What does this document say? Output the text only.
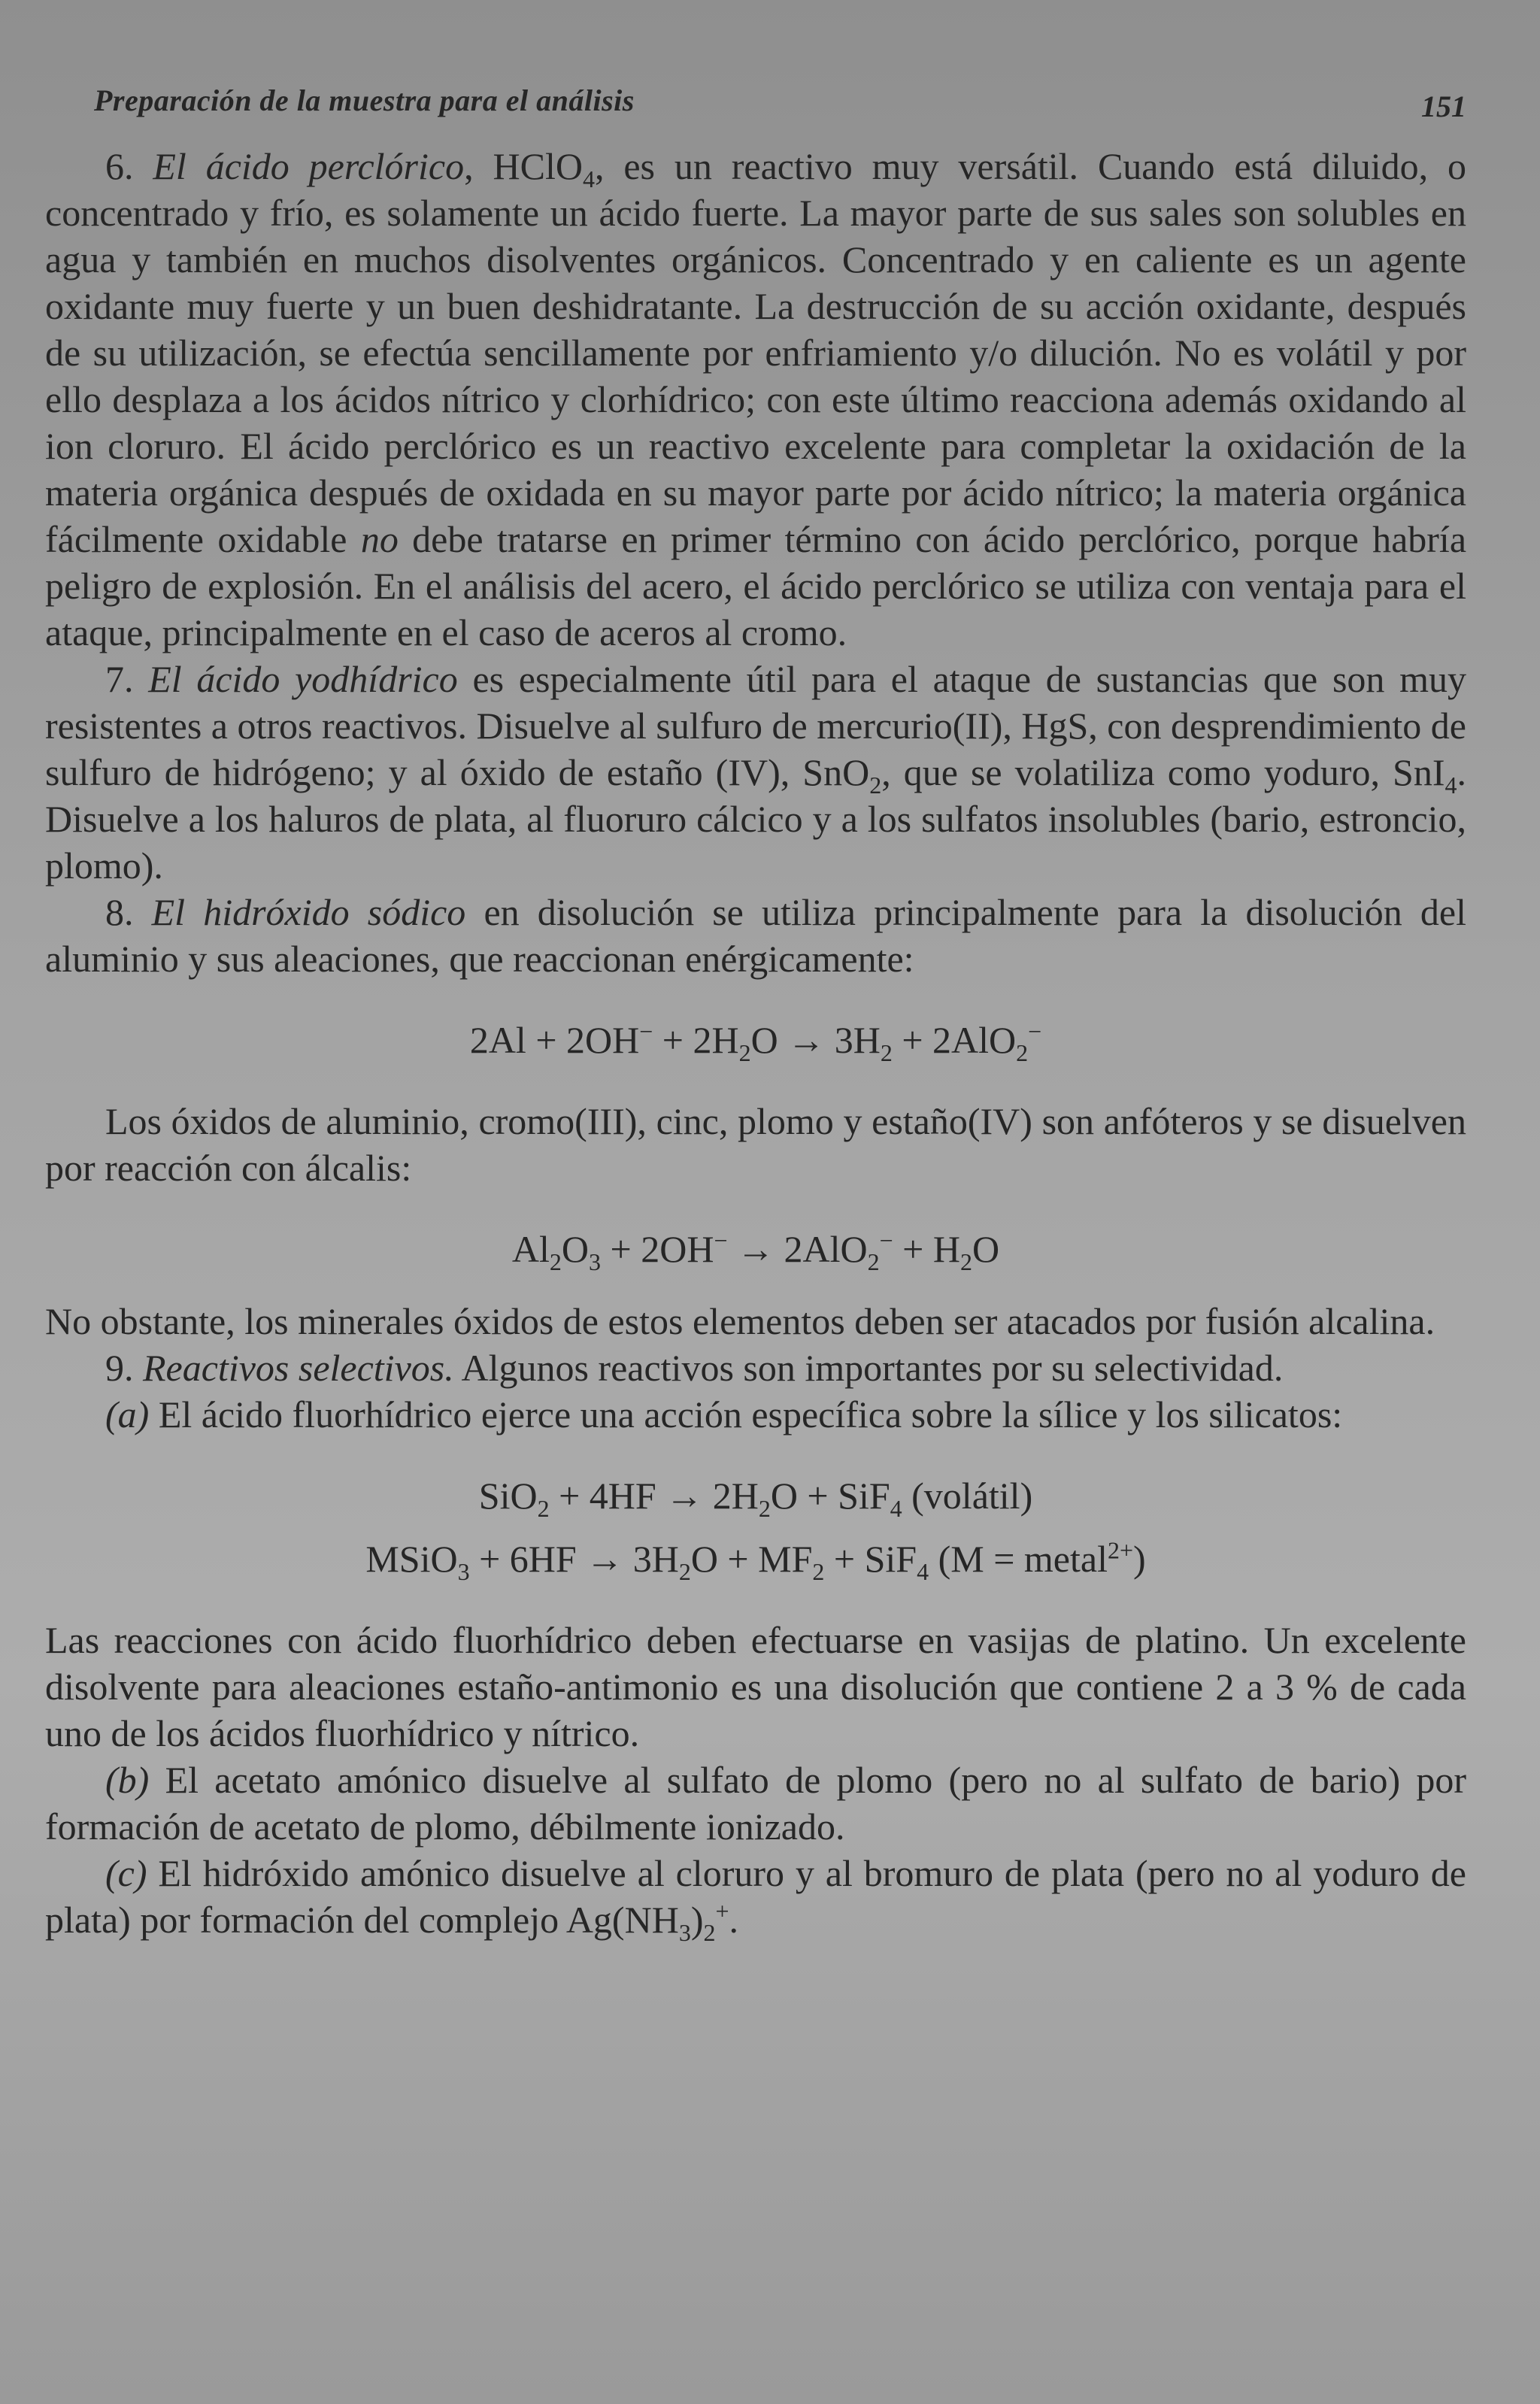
Preparación de la muestra para el análisis	151

6. El ácido perclórico, HClO$_4$, es un reactivo muy versátil. Cuando está diluido, o concentrado y frío, es solamente un ácido fuerte. La mayor parte de sus sales son solubles en agua y también en muchos disolventes orgánicos. Concentrado y en caliente es un agente oxidante muy fuerte y un buen deshidratante. La destrucción de su acción oxidante, después de su utilización, se efectúa sencillamente por enfriamiento y/o dilución. No es volátil y por ello desplaza a los ácidos nítrico y clorhídrico; con este último reacciona además oxidando al ion cloruro. El ácido perclórico es un reactivo excelente para completar la oxidación de la materia orgánica después de oxidada en su mayor parte por ácido nítrico; la materia orgánica fácilmente oxidable no debe tratarse en primer término con ácido perclórico, porque habría peligro de explosión. En el análisis del acero, el ácido perclórico se utiliza con ventaja para el ataque, principalmente en el caso de aceros al cromo.

7. El ácido yodhídrico es especialmente útil para el ataque de sustancias que son muy resistentes a otros reactivos. Disuelve al sulfuro de mercurio(II), HgS, con desprendimiento de sulfuro de hidrógeno; y al óxido de estaño (IV), SnO$_2$, que se volatiliza como yoduro, SnI$_4$. Disuelve a los haluros de plata, al fluoruro cálcico y a los sulfatos insolubles (bario, estroncio, plomo).

8. El hidróxido sódico en disolución se utiliza principalmente para la disolución del aluminio y sus aleaciones, que reaccionan enérgicamente:

$2Al + 2OH^- + 2H_2O \to 3H_2 + 2AlO_2^-$

Los óxidos de aluminio, cromo(III), cinc, plomo y estaño(IV) son anfóteros y se disuelven por reacción con álcalis:

$Al_2O_3 + 2OH^- \to 2AlO_2^- + H_2O$

No obstante, los minerales óxidos de estos elementos deben ser atacados por fusión alcalina.

9. Reactivos selectivos. Algunos reactivos son importantes por su selectividad.

(a) El ácido fluorhídrico ejerce una acción específica sobre la sílice y los silicatos:

$SiO_2 + 4HF \to 2H_2O + SiF_4$ (volátil)

MSiO$_3$ + $6HF \to 3H_2O + MF_2 + SiF_4$ (M = metal$^{2+}$)

Las reacciones con ácido fluorhídrico deben efectuarse en vasijas de platino. Un excelente disolvente para aleaciones estaño-antimonio es una disolución que contiene 2 a 3 % de cada uno de los ácidos fluorhídrico y nítrico.

(b) El acetato amónico disuelve al sulfato de plomo (pero no al sulfato de bario) por formación de acetato de plomo, débilmente ionizado.

(c) El hidróxido amónico disuelve al cloruro y al bromuro de plata (pero no al yoduro de plata) por formación del complejo $Ag(NH_3)_2^+$.
